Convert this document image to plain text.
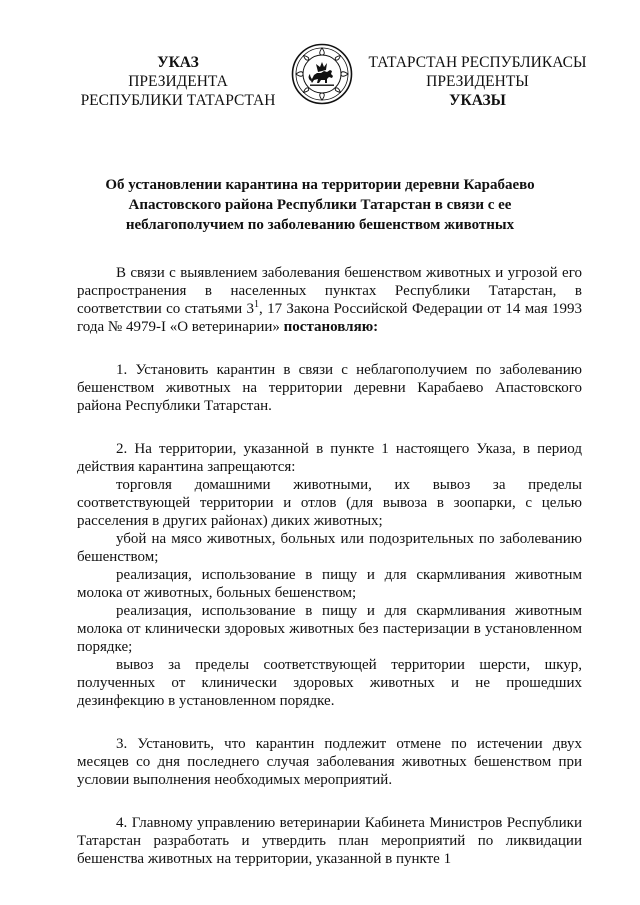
УКАЗ
ПРЕЗИДЕНТА
РЕСПУБЛИКИ ТАТАРСТАН
ТАТАРСТАН РЕСПУБЛИКАСЫ
ПРЕЗИДЕНТЫ
УКАЗЫ
Об установлении карантина на территории деревни Карабаево
Апастовского района Республики Татарстан в связи с ее
неблагополучием по заболеванию бешенством животных

В связи с выявлением заболевания бешенством животных и угрозой его распространения в населенных пунктах Республики Татарстан, в соответствии со статьями $3^1$, 17 Закона Российской Федерации от 14 мая 1993 года № 4979-I «О ветеринарии» постановляю:

1. Установить карантин в связи с неблагополучием по заболеванию бешенством животных на территории деревни Карабаево Апастовского района Республики Татарстан.

2. На территории, указанной в пункте 1 настоящего Указа, в период действия карантина запрещаются:

торговля домашними животными, их вывоз за пределы соответствующей территории и отлов (для вывоза в зоопарки, с целью расселения в других районах) диких животных;

убой на мясо животных, больных или подозрительных по заболеванию бешенством;

реализация, использование в пищу и для скармливания животным молока от животных, больных бешенством;

реализация, использование в пищу и для скармливания животным молока от клинически здоровых животных без пастеризации в установленном порядке;

вывоз за пределы соответствующей территории шерсти, шкур, полученных от клинически здоровых животных и не прошедших дезинфекцию в установленном порядке.

3. Установить, что карантин подлежит отмене по истечении двух месяцев со дня последнего случая заболевания животных бешенством при условии выполнения необходимых мероприятий.

4. Главному управлению ветеринарии Кабинета Министров Республики Татарстан разработать и утвердить план мероприятий по ликвидации бешенства животных на территории, указанной в пункте 1
